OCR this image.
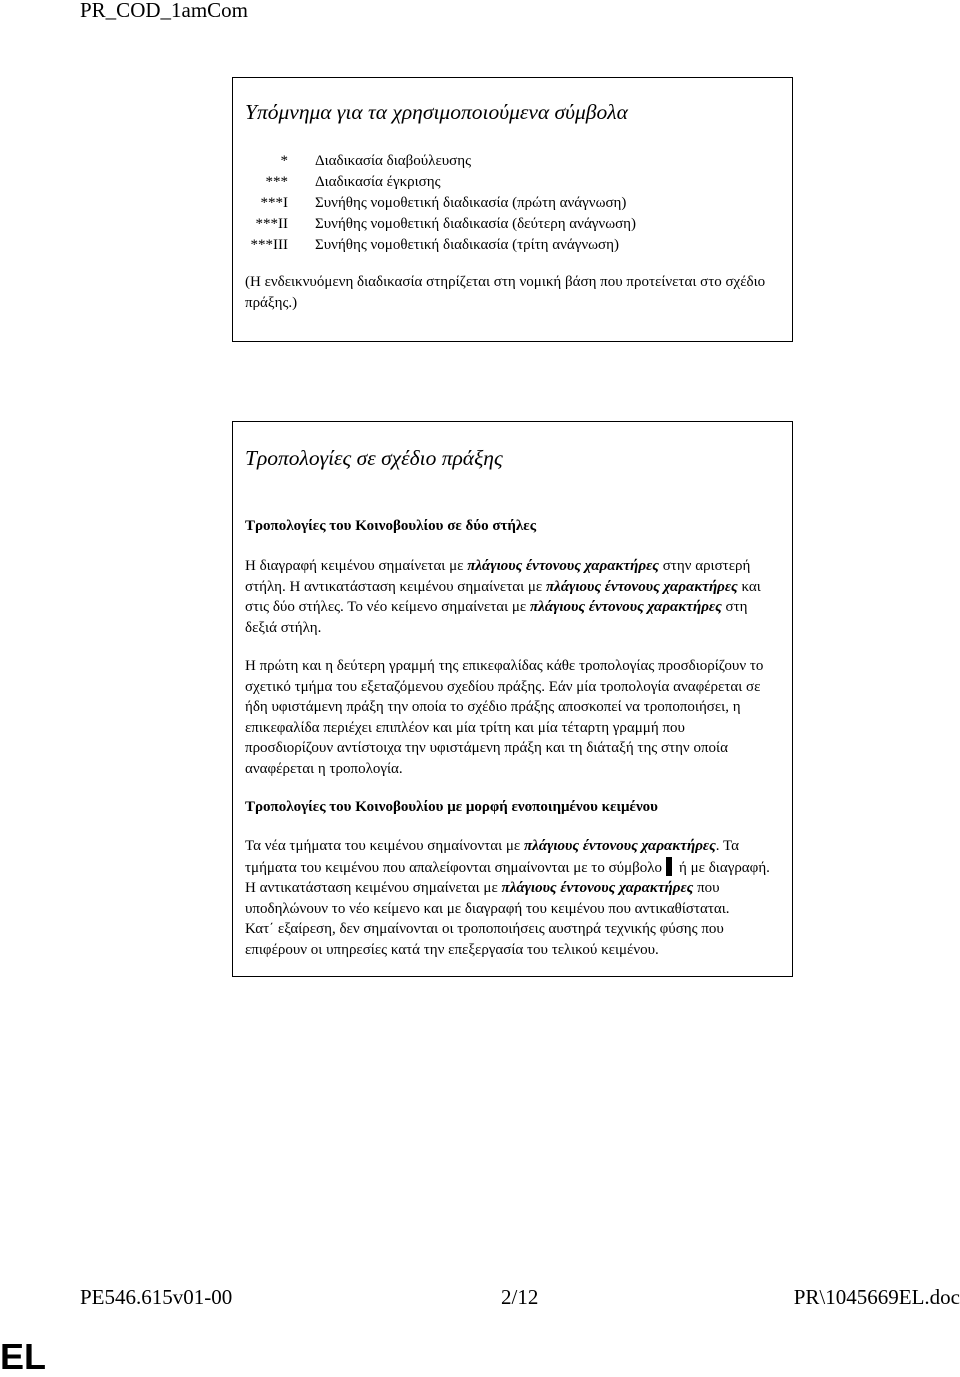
PR_COD_1amCom
Υπόμνημα για τα χρησιμοποιούμενα σύμβολα
* Διαδικασία διαβούλευσης
*** Διαδικασία έγκρισης
***I Συνήθης νομοθετική διαδικασία (πρώτη ανάγνωση)
***II Συνήθης νομοθετική διαδικασία (δεύτερη ανάγνωση)
***III Συνήθης νομοθετική διαδικασία (τρίτη ανάγνωση)
(Η ενδεικνυόμενη διαδικασία στηρίζεται στη νομική βάση που προτείνεται στο σχέδιο πράξης.)
Τροπολογίες σε σχέδιο πράξης
Τροπολογίες του Κοινοβουλίου σε δύο στήλες
Η διαγραφή κειμένου σημαίνεται με πλάγιους έντονους χαρακτήρες στην αριστερή στήλη. Η αντικατάσταση κειμένου σημαίνεται με πλάγιους έντονους χαρακτήρες και στις δύο στήλες. Το νέο κείμενο σημαίνεται με πλάγιους έντονους χαρακτήρες στη δεξιά στήλη.
Η πρώτη και η δεύτερη γραμμή της επικεφαλίδας κάθε τροπολογίας προσδιορίζουν το σχετικό τμήμα του εξεταζόμενου σχεδίου πράξης. Εάν μία τροπολογία αναφέρεται σε ήδη υφιστάμενη πράξη την οποία το σχέδιο πράξης αποσκοπεί να τροποποιήσει, η επικεφαλίδα περιέχει επιπλέον και μία τρίτη και μία τέταρτη γραμμή που προσδιορίζουν αντίστοιχα την υφιστάμενη πράξη και τη διάταξή της στην οποία αναφέρεται η τροπολογία.
Τροπολογίες του Κοινοβουλίου με μορφή ενοποιημένου κειμένου
Τα νέα τμήματα του κειμένου σημαίνονται με πλάγιους έντονους χαρακτήρες. Τα τμήματα του κειμένου που απαλείφονται σημαίνονται με το σύμβολο ή με διαγραφή. Η αντικατάσταση κειμένου σημαίνεται με πλάγιους έντονους χαρακτήρες που υποδηλώνουν το νέο κείμενο και με διαγραφή του κειμένου που αντικαθίσταται.
Κατ΄ εξαίρεση, δεν σημαίνονται οι τροποποιήσεις αυστηρά τεχνικής φύσης που επιφέρουν οι υπηρεσίες κατά την επεξεργασία του τελικού κειμένου.
PE546.615v01-00	2/12	PR\1045669EL.doc
EL
